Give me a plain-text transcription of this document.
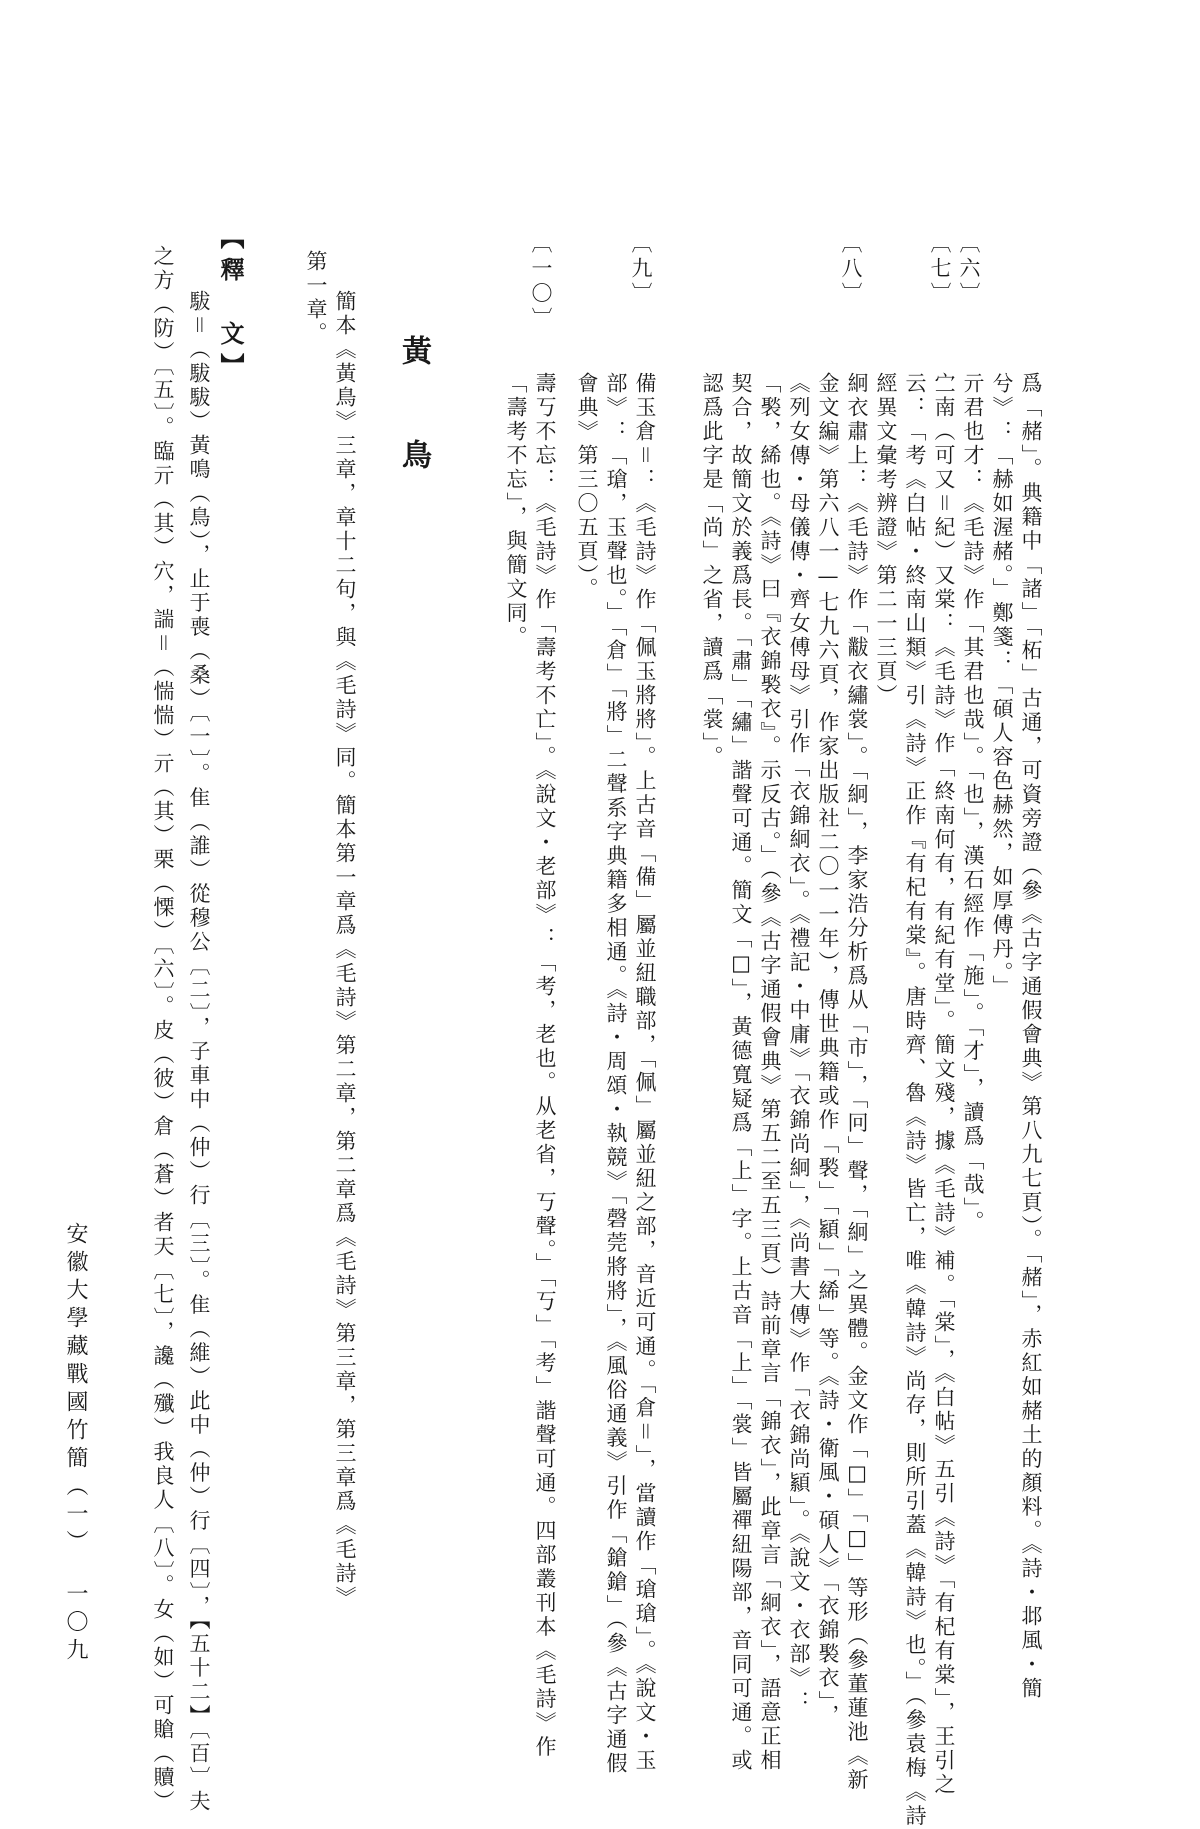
〔六〕
〔七〕
〔八〕
〔九〕
〔一〇〕
爲「赭」。典籍中「諸」「柘」古通，可資旁證（參《古字通假會典》第八九七頁）。「赭」，赤紅如赭土的顏料。《詩・邶風・簡
兮》：「赫如渥赭。」鄭箋：「碩人容色赫然，如厚傅丹。」
亓君也才：《毛詩》作「其君也哉」。「也」，漢石經作「施」。「才」，讀爲「哉」。
㝉南（可又＝紀）又棠：《毛詩》作「終南何有，有紀有堂」。簡文殘，據《毛詩》補。「棠」，《白帖》五引《詩》「有杞有棠」，王引之
云：「考《白帖・終南山類》引《詩》正作『有杞有棠』。唐時齊、魯《詩》皆亡，唯《韓詩》尚存，則所引蓋《韓詩》也。」（參袁梅《詩
經異文彙考辨證》第二一三頁）
絅衣肅上：《毛詩》作「黻衣繡裳」。「絅」，李家浩分析爲从「市」，「冋」聲，「絅」之異體。金文作「□」「□」等形（參董蓮池《新
金文編》第六八一—七九六頁，作家出版社二〇一一年），傳世典籍或作「褧」「顈」「絺」等。《詩・衛風・碩人》「衣錦褧衣」，
《列女傳・母儀傳・齊女傅母》引作「衣錦絅衣」。《禮記・中庸》「衣錦尚絅」，《尚書大傳》作「衣錦尚顈」。《說文・衣部》：
「褧，絺也。《詩》曰『衣錦褧衣』。示反古。」（參《古字通假會典》第五二至五三頁）詩前章言「錦衣」，此章言「絅衣」，語意正相
契合，故簡文於義爲長。「肅」「繡」諧聲可通。簡文「□」，黃德寬疑爲「上」字。上古音「上」「裳」皆屬禪紐陽部，音同可通。或
認爲此字是「尚」之省，讀爲「裳」。
備玉倉＝：《毛詩》作「佩玉將將」。上古音「備」屬並紐職部，「佩」屬並紐之部，音近可通。「倉＝」，當讀作「瑲瑲」。《說文・玉
部》：「瑲，玉聲也。」「倉」「將」二聲系字典籍多相通。《詩・周頌・執競》「磬莞將將」，《風俗通義》引作「鎗鎗」（參《古字通假
會典》第三〇五頁）。
壽丂不忘：《毛詩》作「壽考不亡」。《說文・老部》：「考，老也。从老省，丂聲。」「丂」「考」諧聲可通。四部叢刊本《毛詩》作
「壽考不忘」，與簡文同。
黃　鳥
簡本《黃鳥》三章，章十二句，與《毛詩》同。簡本第一章爲《毛詩》第二章，第二章爲《毛詩》第三章，第三章爲《毛詩》
第一章。
【釋　文】
䮂＝（䮂䮂）黃鳴（鳥），止于喪（桑）〔一〕。隹（誰）從穆公〔二〕，子車中（仲）行〔三〕。隹（維）此中（仲）行〔四〕，【五十二】〔百〕夫
之方（防）〔五〕。臨亓（其）穴，諯＝（惴惴）亓（其）栗（慄）〔六〕。皮（彼）倉（蒼）者天〔七〕，讒（殲）我良人〔八〕。女（如）可賶（贖）
安徽大學藏戰國竹簡（一）
一〇九
